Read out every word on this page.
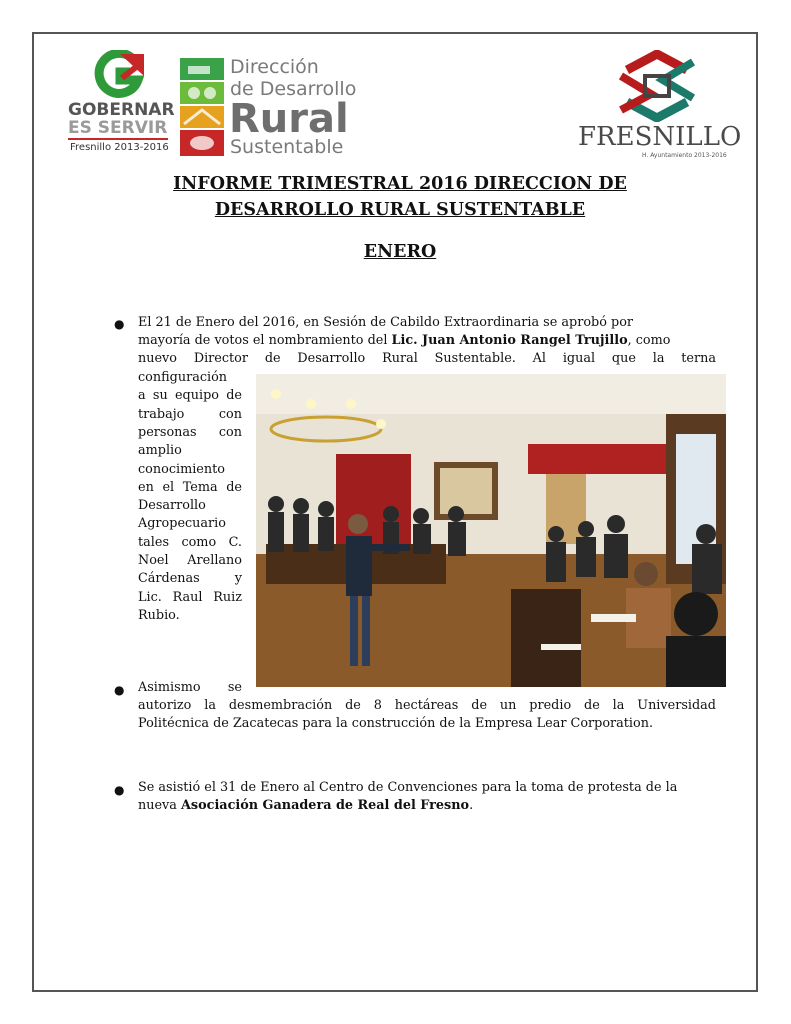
GOBERNAR
ES SERVIR
Fresnillo 2013-2016
Dirección
de Desarrollo
Rural
Sustentable	FRESNILLO
H. Ayuntamiento 2013-2016
INFORME TRIMESTRAL 2016 DIRECCION DE
DESARROLLO RURAL SUSTENTABLE
ENERO
● El 21 de Enero del 2016, en Sesión de Cabildo Extraordinaria se aprobó por
mayoría de votos el nombramiento del Lic. Juan Antonio Rangel Trujillo, como
nuevo Director de Desarrollo Rural Sustentable. Al igual que la terna
configuración
a su equipo de
trabajo con
personas con
amplio
conocimiento
en el Tema de
Desarrollo
Agropecuario
tales como C.
Noel Arellano
Cárdenas y
Lic. Raul Ruiz
Rubio.
● Asimismo se
autorizo la desmembración de 8 hectáreas de un predio de la Universidad
Politécnica de Zacatecas para la construcción de la Empresa Lear Corporation.
● Se asistió el 31 de Enero al Centro de Convenciones para la toma de protesta de la
nueva Asociación Ganadera de Real del Fresno.
